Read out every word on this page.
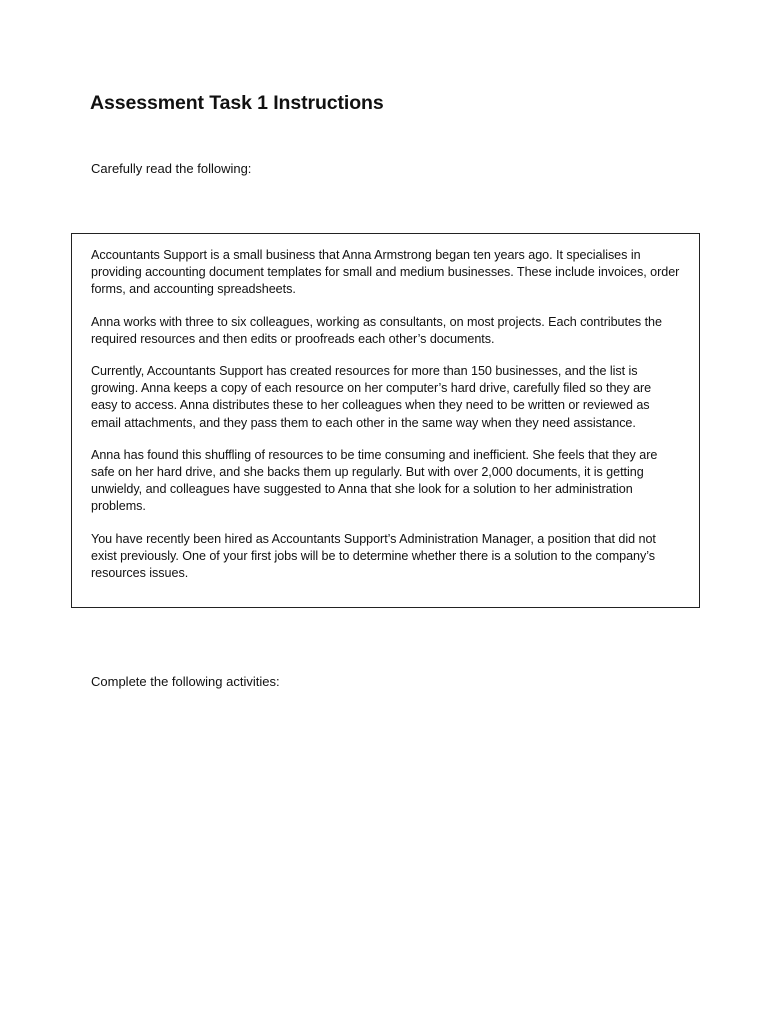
Assessment Task 1 Instructions

Carefully read the following:

Accountants Support is a small business that Anna Armstrong began ten years ago. It specialises in providing accounting document templates for small and medium businesses. These include invoices, order forms, and accounting spreadsheets.

Anna works with three to six colleagues, working as consultants, on most projects. Each contributes the required resources and then edits or proofreads each other’s documents.

Currently, Accountants Support has created resources for more than 150 businesses, and the list is growing. Anna keeps a copy of each resource on her computer’s hard drive, carefully filed so they are easy to access. Anna distributes these to her colleagues when they need to be written or reviewed as email attachments, and they pass them to each other in the same way when they need assistance.

Anna has found this shuffling of resources to be time consuming and inefficient. She feels that they are safe on her hard drive, and she backs them up regularly. But with over 2,000 documents, it is getting unwieldy, and colleagues have suggested to Anna that she look for a solution to her administration problems.

You have recently been hired as Accountants Support’s Administration Manager, a position that did not exist previously. One of your first jobs will be to determine whether there is a solution to the company’s resources issues.

Complete the following activities:
